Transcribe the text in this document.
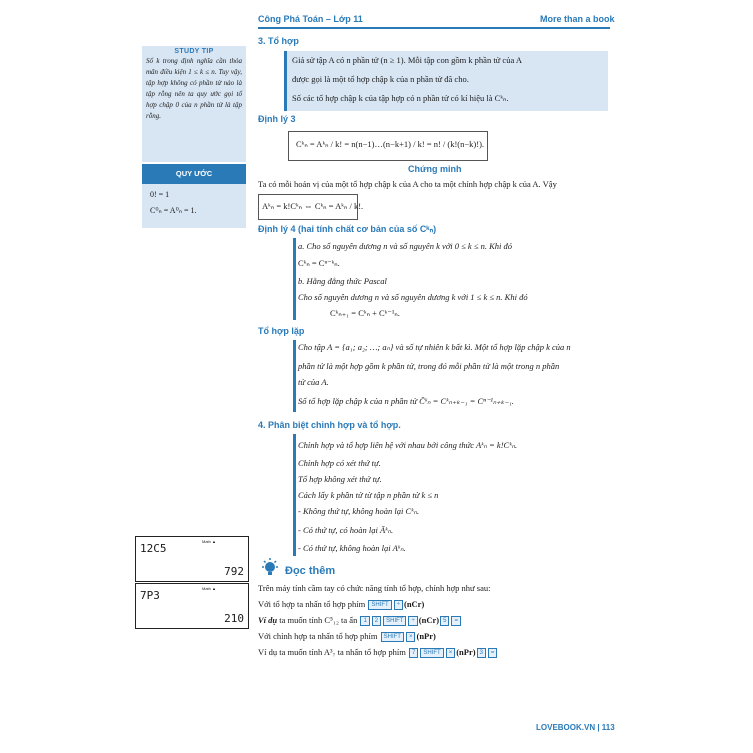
Công Phá Toán – Lớp 11	More than a book
STUDY TIP
Số k trong định nghĩa cần thỏa mãn điều kiện 1 ≤ k ≤ n. Tuy vậy, tập hợp không có phần tử nào là tập rỗng nên ta quy ước gọi tổ hợp chập 0 của n phần tử là tập rỗng.
QUY ƯỚC
0! = 1
C⁰ₙ = A⁰ₙ = 1.
12C5
Math ▲
792
7P3
Math ▲
210
3. Tổ hợp
Giả sử tập A có n phần tử (n ≥ 1). Mỗi tập con gồm k phần tử của A
được gọi là một tổ hợp chập k của n phần tử đã cho.
Số các tổ hợp chập k của tập hợp có n phần tử có kí hiệu là Cᵏₙ.
Định lý 3
Cᵏₙ = Aᵏₙ / k! = n(n−1)…(n−k+1) / k! = n! / (k!(n−k)!).
Chứng minh
Ta có mỗi hoán vị của một tổ hợp chập k của A cho ta một chỉnh hợp chập k của A. Vậy
Aᵏₙ = k!Cᵏₙ ⇔ Cᵏₙ = Aᵏₙ / k!.
Định lý 4 (hai tính chất cơ bản của số Cᵏₙ)
a. Cho số nguyên dương n và số nguyên k với 0 ≤ k ≤ n. Khi đó
Cᵏₙ = Cⁿ⁻ᵏₙ.
b. Hằng đẳng thức Pascal
Cho số nguyên dương n và số nguyên dương k với 1 ≤ k ≤ n. Khi đó
Cᵏₙ₊₁ = Cᵏₙ + Cᵏ⁻¹ₙ.
Tổ hợp lặp
Cho tập A = {a₁; a₂; …; aₙ} và số tự nhiên k bất kì. Một tổ hợp lặp chập k của n
phần tử là một hợp gồm k phần tử, trong đó mỗi phần tử là một trong n phần
tử của A.
Số tổ hợp lặp chập k của n phần tử C̄ᵏₙ = Cᵏₙ₊ₖ₋₁ = Cⁿ⁻¹ₙ₊ₖ₋₁.
4. Phân biệt chỉnh hợp và tổ hợp.
Chỉnh hợp và tổ hợp liên hệ với nhau bởi công thức Aᵏₙ = k!Cᵏₙ.
Chỉnh hợp có xét thứ tự.
Tổ hợp không xét thứ tự.
Cách lấy k phần tử từ tập n phần tử k ≤ n
- Không thứ tự, không hoàn lại Cᵏₙ.
- Có thứ tự, có hoàn lại Āᵏₙ.
- Có thứ tự, không hoàn lại Aᵏₙ.
Đọc thêm
Trên máy tính cầm tay có chức năng tính tổ hợp, chỉnh hợp như sau:
Với tổ hợp ta nhấn tổ hợp phím SHIFT ÷ (nCr)
Ví dụ ta muốn tính C⁵₁₂ ta ấn 1 2 SHIFT ÷ (nCr) 5 =
Với chỉnh hợp ta nhấn tổ hợp phím SHIFT × (nPr)
Ví dụ ta muốn tính A³₇ ta nhấn tổ hợp phím 7 SHIFT × (nPr) 3 =
LOVEBOOK.VN | 113
